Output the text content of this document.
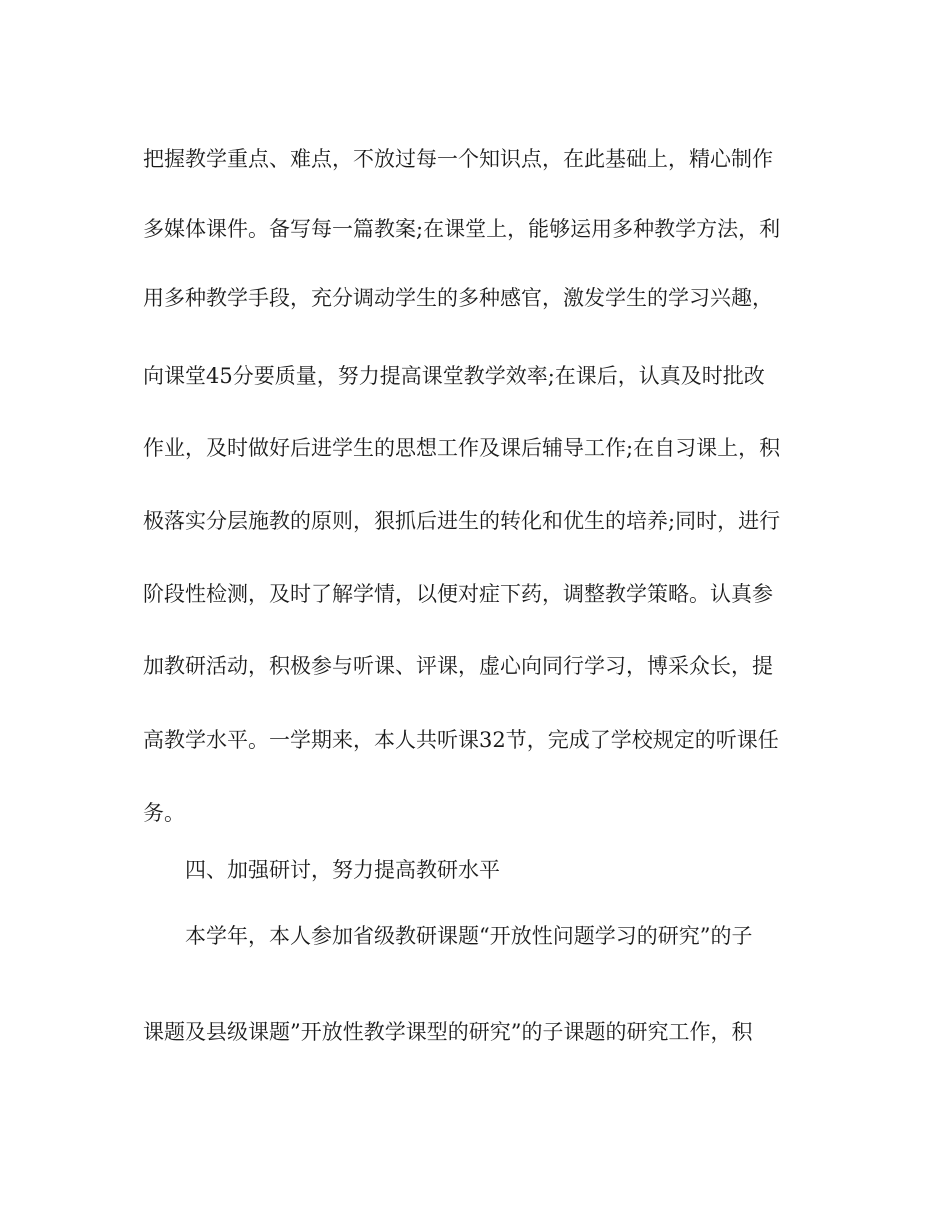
把握教学重点、难点，不放过每一个知识点，在此基础上，精心制作

多媒体课件。备写每一篇教案;在课堂上，能够运用多种教学方法，利

用多种教学手段，充分调动学生的多种感官，激发学生的学习兴趣，

向课堂45分要质量，努力提高课堂教学效率;在课后，认真及时批改

作业，及时做好后进学生的思想工作及课后辅导工作;在自习课上，积

极落实分层施教的原则，狠抓后进生的转化和优生的培养;同时，进行

阶段性检测，及时了解学情，以便对症下药，调整教学策略。认真参

加教研活动，积极参与听课、评课，虚心向同行学习，博采众长，提

高教学水平。一学期来，本人共听课32节，完成了学校规定的听课任

务。

四、加强研讨，努力提高教研水平

本学年，本人参加省级教研课题“开放性问题学习的研究”的子

课题及县级课题”开放性教学课型的研究”的子课题的研究工作，积
